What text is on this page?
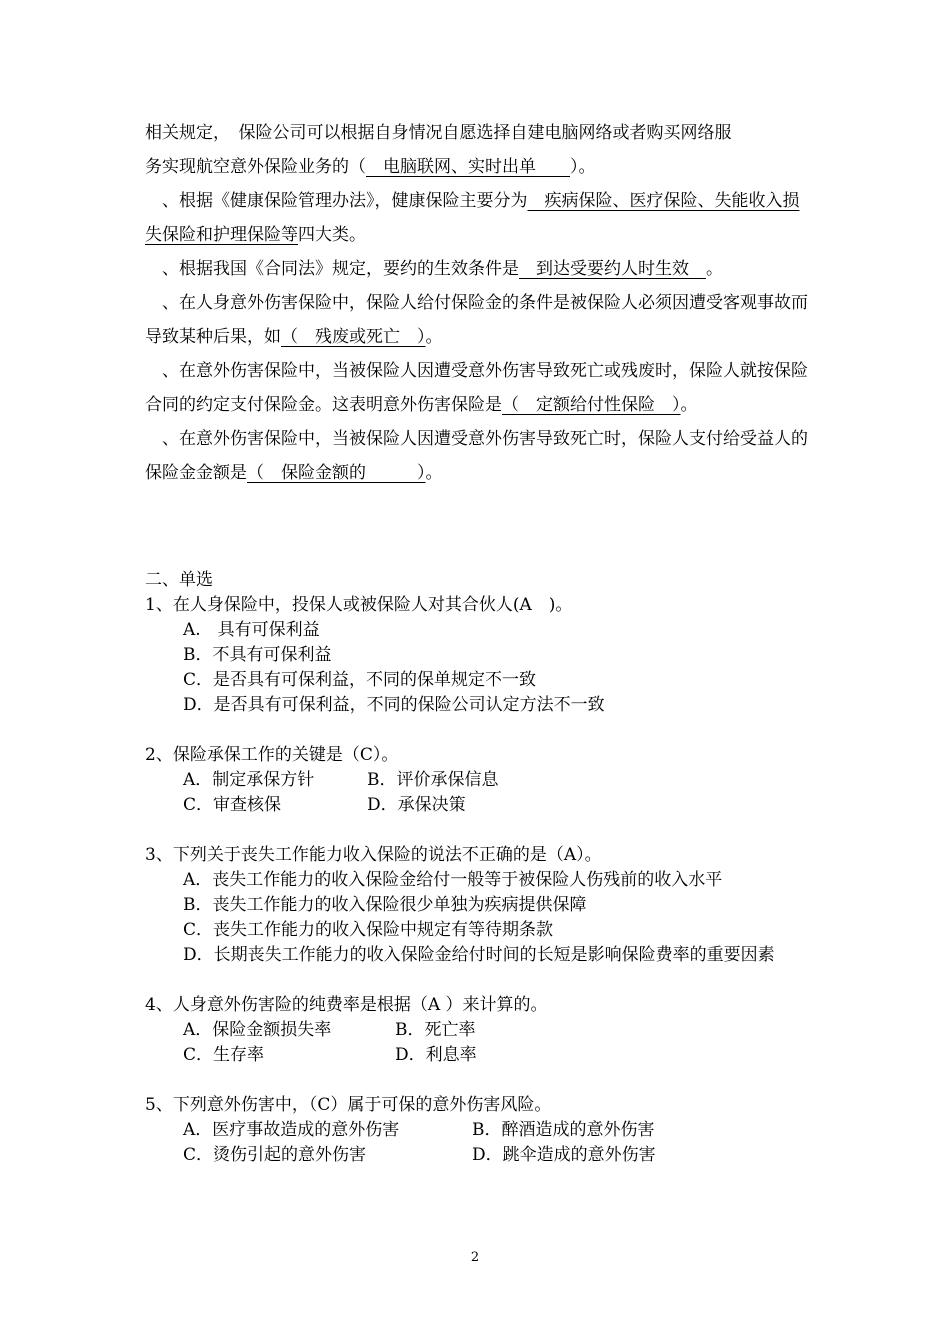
相关规定，　保险公司可以根据自身情况自愿选择自建电脑网络或者购买网络服
务实现航空意外保险业务的（　电脑联网、实时出单　　）。

　、根据《健康保险管理办法》，健康保险主要分为　疾病保险、医疗保险、失能收入损失保险和护理保险等四大类。

　、根据我国《合同法》规定，要约的生效条件是　到达受要约人时生效　。

　、在人身意外伤害保险中，保险人给付保险金的条件是被保险人必须因遭受客观事故而导致某种后果，如（　残废或死亡　）。

　、在意外伤害保险中，当被保险人因遭受意外伤害导致死亡或残废时，保险人就按保险合同的约定支付保险金。这表明意外伤害保险是（　定额给付性保险　）。

　、在意外伤害保险中，当被保险人因遭受意外伤害导致死亡时，保险人支付给受益人的保险金金额是（　保险金额的　　　）。

二、单选

1、在人身保险中，投保人或被保险人对其合伙人(A　)。

A.　具有可保利益

B．不具有可保利益

C．是否具有可保利益，不同的保单规定不一致

D．是否具有可保利益，不同的保险公司认定方法不一致

2、保险承保工作的关键是（C）。

A．制定承保方针	B．评价承保信息
C．审查核保	D．承保决策

3、下列关于丧失工作能力收入保险的说法不正确的是（A）。

A．丧失工作能力的收入保险金给付一般等于被保险人伤残前的收入水平

B．丧失工作能力的收入保险很少单独为疾病提供保障

C．丧失工作能力的收入保险中规定有等待期条款

D．长期丧失工作能力的收入保险金给付时间的长短是影响保险费率的重要因素

4、人身意外伤害险的纯费率是根据（A ）来计算的。

A．保险金额损失率	B．死亡率
C．生存率	D．利息率

5、下列意外伤害中，（C）属于可保的意外伤害风险。

A．医疗事故造成的意外伤害	B．醉酒造成的意外伤害
C．烫伤引起的意外伤害	D．跳伞造成的意外伤害
2
